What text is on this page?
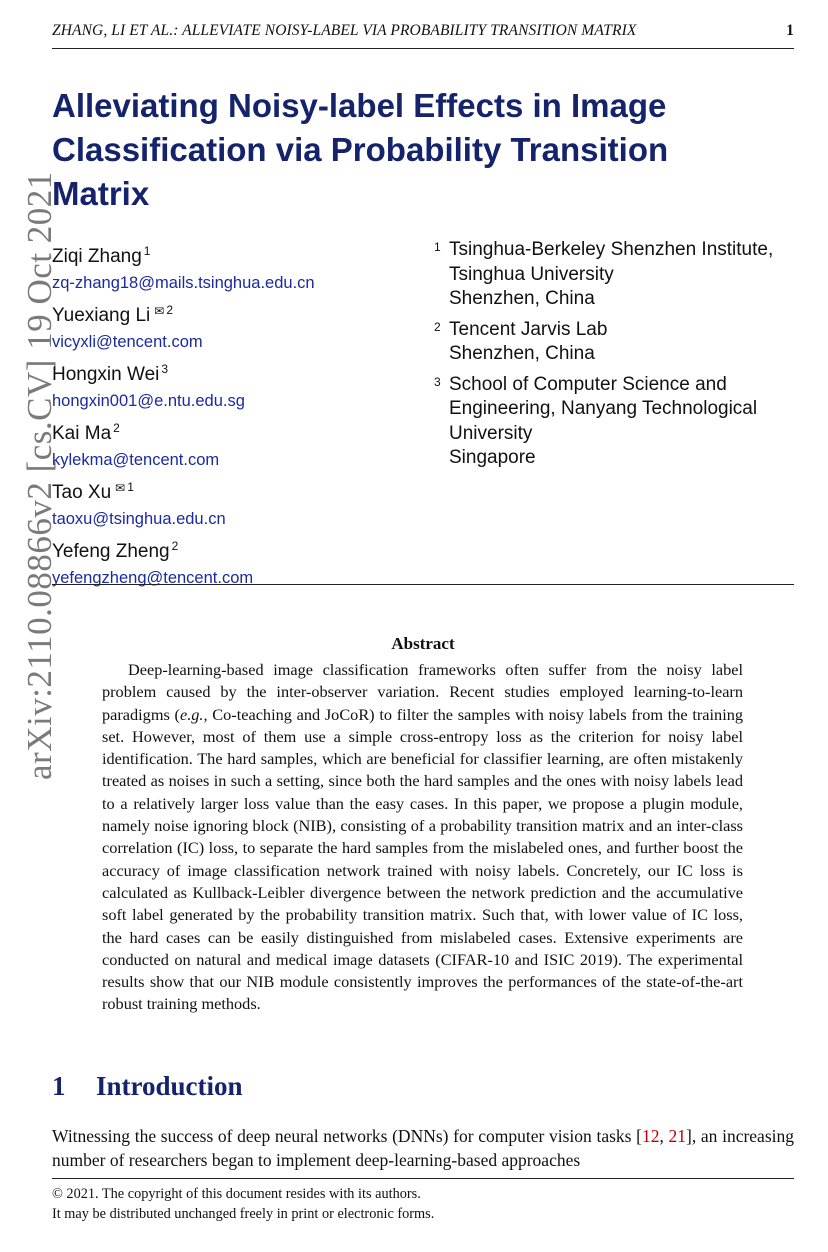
ZHANG, LI ET AL.: ALLEVIATE NOISY-LABEL VIA PROBABILITY TRANSITION MATRIX	1
arXiv:2110.08866v2 [cs.CV] 19 Oct 2021
Alleviating Noisy-label Effects in Image
Classification via Probability Transition
Matrix
Ziqi Zhang $^1$
zq-zhang18@mails.tsinghua.edu.cn
Yuexiang Li ✉ $^2$
vicyxli@tencent.com
Hongxin Wei $^3$
hongxin001@e.ntu.edu.sg
Kai Ma $^2$
kylekma@tencent.com
Tao Xu ✉ $^1$
taoxu@tsinghua.edu.cn
Yefeng Zheng $^2$
yefengzheng@tencent.com
1 Tsinghua-Berkeley Shenzhen Institute,
Tsinghua University
Shenzhen, China
2 Tencent Jarvis Lab
Shenzhen, China
3 School of Computer Science and
Engineering, Nanyang Technological
University
Singapore
Abstract
Deep-learning-based image classification frameworks often suffer from the noisy label problem caused by the inter-observer variation. Recent studies employed learning-to-learn paradigms (e.g., Co-teaching and JoCoR) to filter the samples with noisy labels from the training set. However, most of them use a simple cross-entropy loss as the criterion for noisy label identification. The hard samples, which are beneficial for classifier learning, are often mistakenly treated as noises in such a setting, since both the hard samples and the ones with noisy labels lead to a relatively larger loss value than the easy cases. In this paper, we propose a plugin module, namely noise ignoring block (NIB), consisting of a probability transition matrix and an inter-class correlation (IC) loss, to separate the hard samples from the mislabeled ones, and further boost the accuracy of image classification network trained with noisy labels. Concretely, our IC loss is calculated as Kullback-Leibler divergence between the network prediction and the accumulative soft label generated by the probability transition matrix. Such that, with lower value of IC loss, the hard cases can be easily distinguished from mislabeled cases. Extensive experiments are conducted on natural and medical image datasets (CIFAR-10 and ISIC 2019). The experimental results show that our NIB module consistently improves the performances of the state-of-the-art robust training methods.
1 Introduction
Witnessing the success of deep neural networks (DNNs) for computer vision tasks [12, 21], an increasing number of researchers began to implement deep-learning-based approaches
© 2021. The copyright of this document resides with its authors.
It may be distributed unchanged freely in print or electronic forms.
